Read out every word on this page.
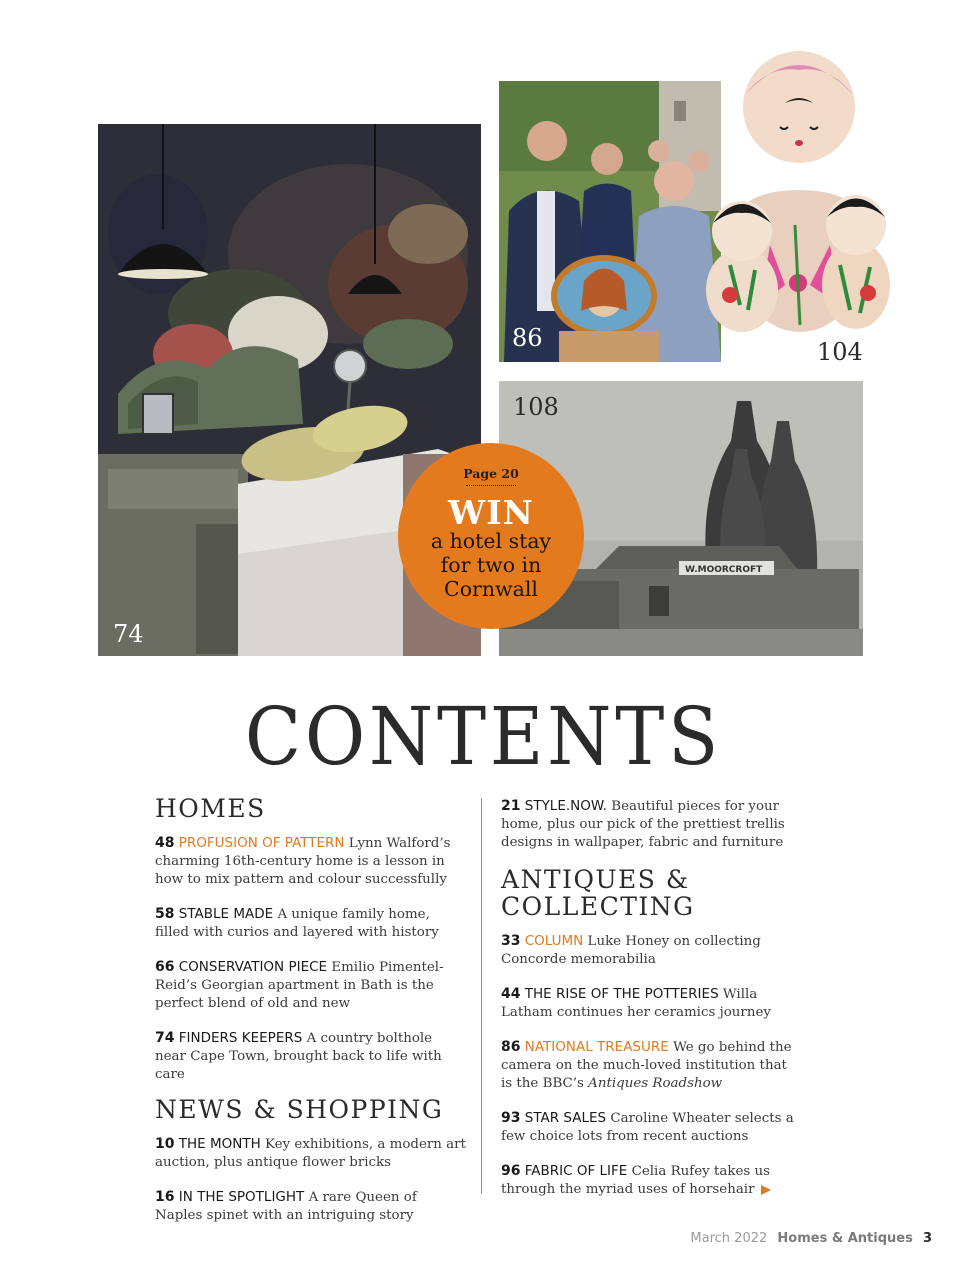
74
86	104
W.MOORCROFT
108
Page 20
WIN
a hotel stay
for two in
Cornwall
CONTENTS
HOMES

48 PROFUSION OF PATTERN Lynn Walford’s charming 16th-century home is a lesson in how to mix pattern and colour successfully

58 STABLE MADE A unique family home, filled with curios and layered with history

66 CONSERVATION PIECE Emilio Pimentel-Reid’s Georgian apartment in Bath is the perfect blend of old and new

74 FINDERS KEEPERS A country bolthole near Cape Town, brought back to life with care

NEWS & SHOPPING

10 THE MONTH Key exhibitions, a modern art auction, plus antique flower bricks

16 IN THE SPOTLIGHT A rare Queen of Naples spinet with an intriguing story

21 STYLE.NOW. Beautiful pieces for your home, plus our pick of the prettiest trellis designs in wallpaper, fabric and furniture

ANTIQUES &
COLLECTING

33 COLUMN Luke Honey on collecting Concorde memorabilia

44 THE RISE OF THE POTTERIES Willa Latham continues her ceramics journey

86 NATIONAL TREASURE We go behind the camera on the much-loved institution that is the BBC’s Antiques Roadshow

93 STAR SALES Caroline Wheater selects a few choice lots from recent auctions

96 FABRIC OF LIFE Celia Rufey takes us through the myriad uses of horsehair

March 2022 Homes & Antiques 3
